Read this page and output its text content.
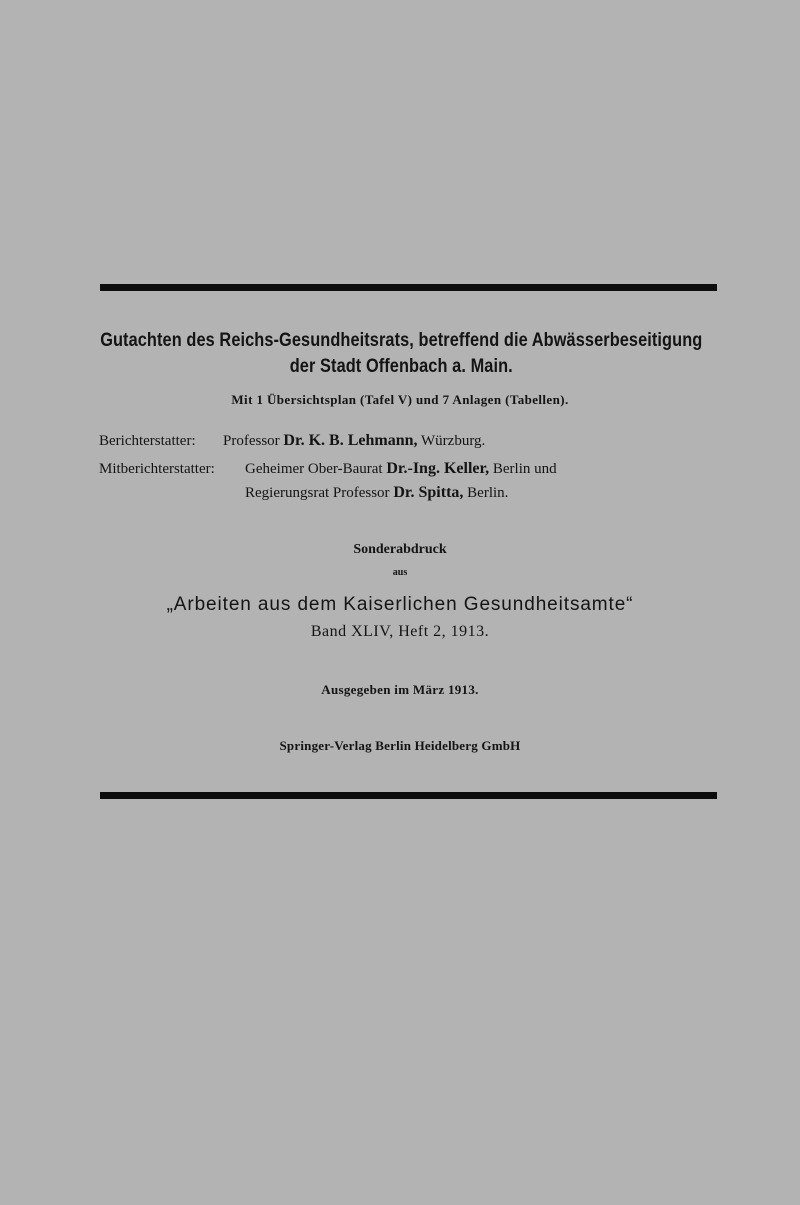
Gutachten des Reichs-Gesundheitsrats, betreffend die Abwässerbeseitigung
der Stadt Offenbach a. Main.
Mit 1 Übersichtsplan (Tafel V) und 7 Anlagen (Tabellen).
Berichterstatter: Professor Dr. K. B. Lehmann, Würzburg.
Mitberichterstatter: Geheimer Ober-Baurat Dr.-Ing. Keller, Berlin und
Regierungsrat Professor Dr. Spitta, Berlin.
Sonderabdruck
aus
„Arbeiten aus dem Kaiserlichen Gesundheitsamte“
Band XLIV, Heft 2, 1913.
Ausgegeben im März 1913.
Springer-Verlag Berlin Heidelberg GmbH
